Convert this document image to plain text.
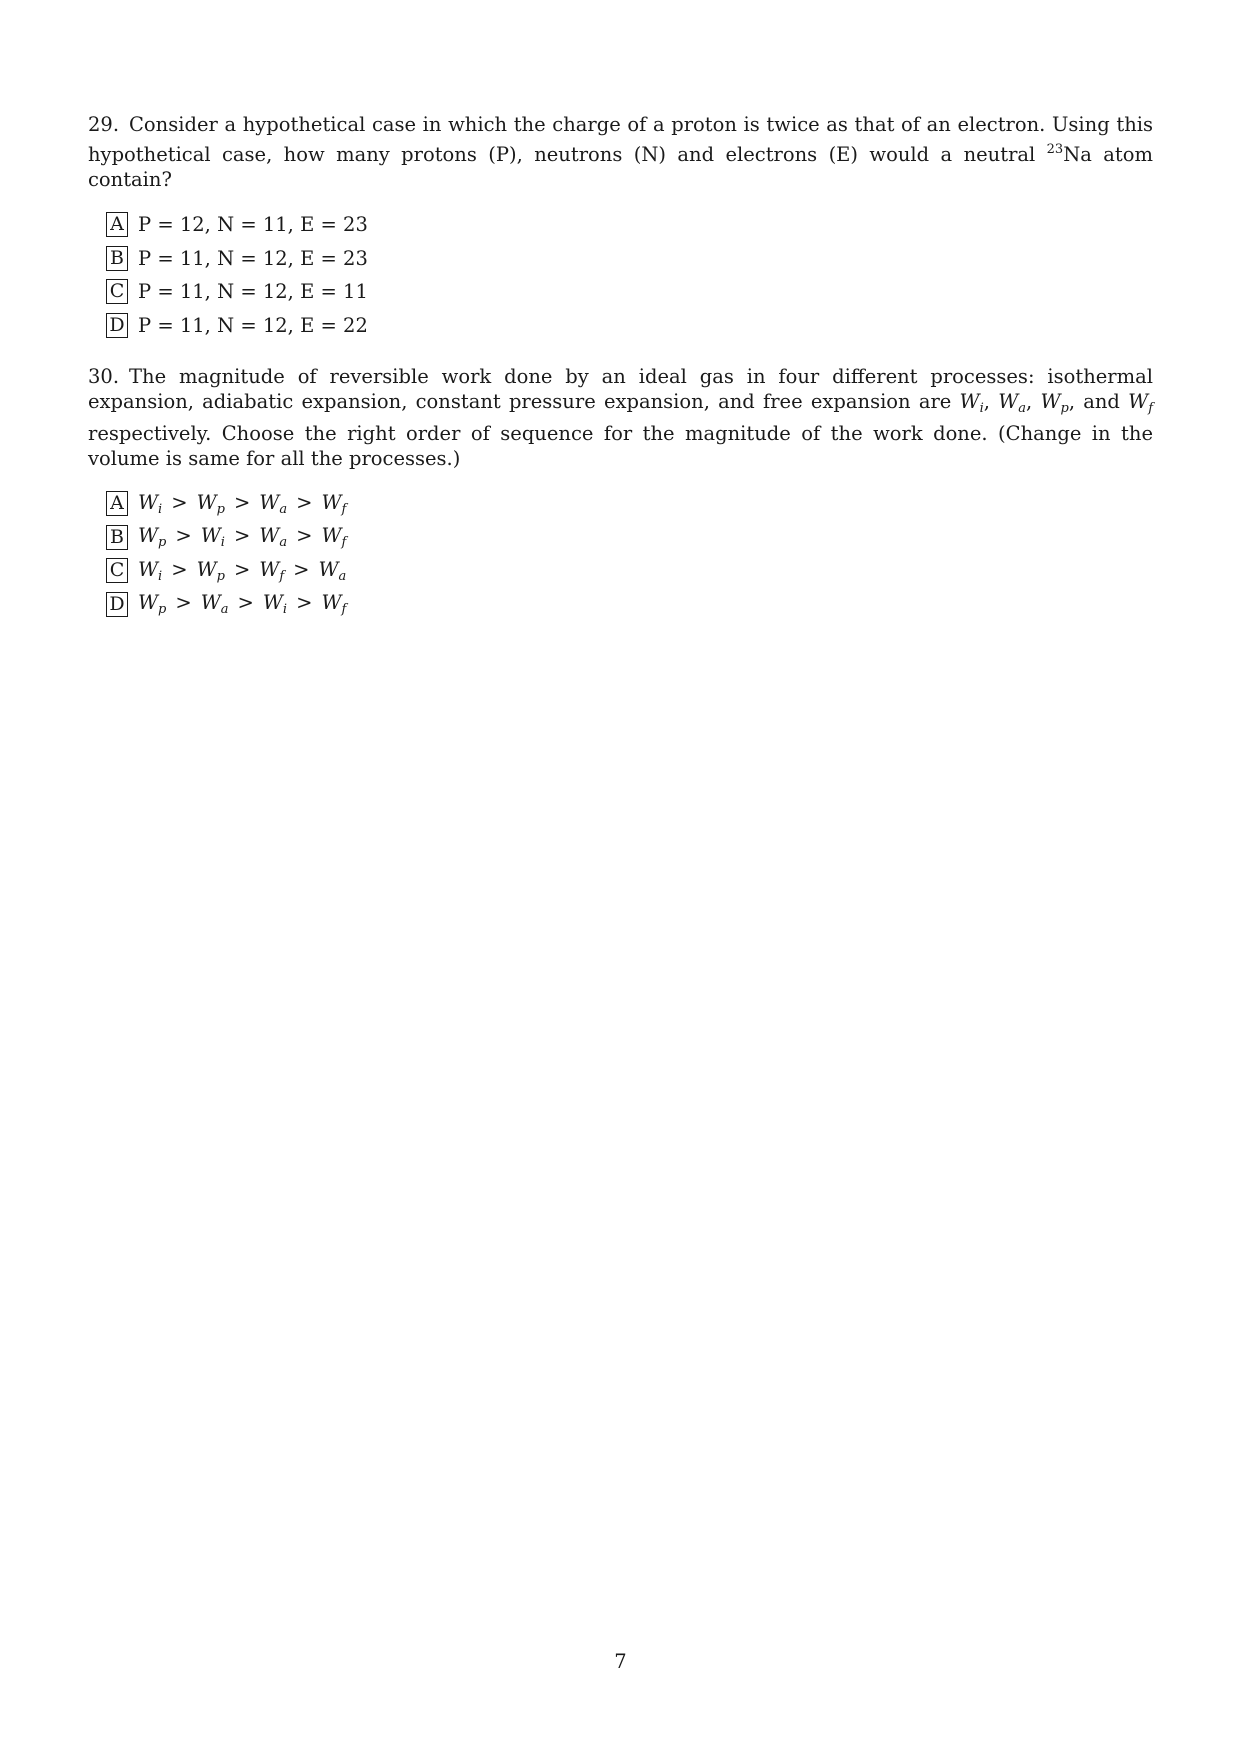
29. Consider a hypothetical case in which the charge of a proton is twice as that of an electron. Using this hypothetical case, how many protons (P), neutrons (N) and electrons (E) would a neutral $^{23}$Na atom contain?

A P = 12, N = 11, E = 23
B P = 11, N = 12, E = 23
C P = 11, N = 12, E = 11
D P = 11, N = 12, E = 22

30. The magnitude of reversible work done by an ideal gas in four different processes: isothermal expansion, adiabatic expansion, constant pressure expansion, and free expansion are $W_i$, $W_a$, $W_p$, and $W_f$ respectively. Choose the right order of sequence for the magnitude of the work done. (Change in the volume is same for all the processes.)

A $W_i > W_p > W_a > W_f$
B $W_p > W_i > W_a > W_f$
C $W_i > W_p > W_f > W_a$
D $W_p > W_a > W_i > W_f$
7
